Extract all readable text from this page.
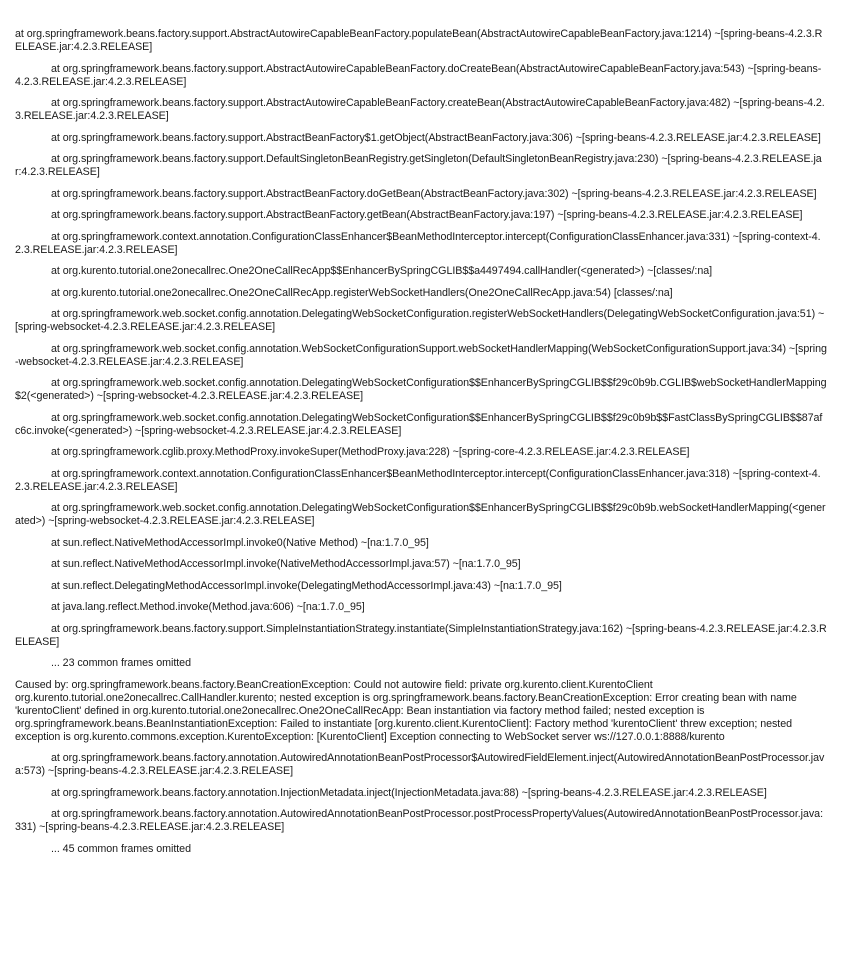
at org.springframework.beans.factory.support.AbstractAutowireCapableBeanFactory.populateBean(AbstractAutowireCapableBeanFactory.java:1214) ~[spring-beans-4.2.3.RELEASE.jar:4.2.3.RELEASE]

at org.springframework.beans.factory.support.AbstractAutowireCapableBeanFactory.doCreateBean(AbstractAutowireCapableBeanFactory.java:543) ~[spring-beans-4.2.3.RELEASE.jar:4.2.3.RELEASE]

at org.springframework.beans.factory.support.AbstractAutowireCapableBeanFactory.createBean(AbstractAutowireCapableBeanFactory.java:482) ~[spring-beans-4.2.3.RELEASE.jar:4.2.3.RELEASE]

at org.springframework.beans.factory.support.AbstractBeanFactory$1.getObject(AbstractBeanFactory.java:306) ~[spring-beans-4.2.3.RELEASE.jar:4.2.3.RELEASE]

at org.springframework.beans.factory.support.DefaultSingletonBeanRegistry.getSingleton(DefaultSingletonBeanRegistry.java:230) ~[spring-beans-4.2.3.RELEASE.jar:4.2.3.RELEASE]

at org.springframework.beans.factory.support.AbstractBeanFactory.doGetBean(AbstractBeanFactory.java:302) ~[spring-beans-4.2.3.RELEASE.jar:4.2.3.RELEASE]

at org.springframework.beans.factory.support.AbstractBeanFactory.getBean(AbstractBeanFactory.java:197) ~[spring-beans-4.2.3.RELEASE.jar:4.2.3.RELEASE]

at org.springframework.context.annotation.ConfigurationClassEnhancer$BeanMethodInterceptor.intercept(ConfigurationClassEnhancer.java:331) ~[spring-context-4.2.3.RELEASE.jar:4.2.3.RELEASE]

at org.kurento.tutorial.one2onecallrec.One2OneCallRecApp$$EnhancerBySpringCGLIB$$a4497494.callHandler(<generated>) ~[classes/:na]

at org.kurento.tutorial.one2onecallrec.One2OneCallRecApp.registerWebSocketHandlers(One2OneCallRecApp.java:54) [classes/:na]

at org.springframework.web.socket.config.annotation.DelegatingWebSocketConfiguration.registerWebSocketHandlers(DelegatingWebSocketConfiguration.java:51) ~[spring-websocket-4.2.3.RELEASE.jar:4.2.3.RELEASE]

at org.springframework.web.socket.config.annotation.WebSocketConfigurationSupport.webSocketHandlerMapping(WebSocketConfigurationSupport.java:34) ~[spring-websocket-4.2.3.RELEASE.jar:4.2.3.RELEASE]

at org.springframework.web.socket.config.annotation.DelegatingWebSocketConfiguration$$EnhancerBySpringCGLIB$$f29c0b9b.CGLIB$webSocketHandlerMapping$2(<generated>) ~[spring-websocket-4.2.3.RELEASE.jar:4.2.3.RELEASE]

at org.springframework.web.socket.config.annotation.DelegatingWebSocketConfiguration$$EnhancerBySpringCGLIB$$f29c0b9b$$FastClassBySpringCGLIB$$87afc6c.invoke(<generated>) ~[spring-websocket-4.2.3.RELEASE.jar:4.2.3.RELEASE]

at org.springframework.cglib.proxy.MethodProxy.invokeSuper(MethodProxy.java:228) ~[spring-core-4.2.3.RELEASE.jar:4.2.3.RELEASE]

at org.springframework.context.annotation.ConfigurationClassEnhancer$BeanMethodInterceptor.intercept(ConfigurationClassEnhancer.java:318) ~[spring-context-4.2.3.RELEASE.jar:4.2.3.RELEASE]

at org.springframework.web.socket.config.annotation.DelegatingWebSocketConfiguration$$EnhancerBySpringCGLIB$$f29c0b9b.webSocketHandlerMapping(<generated>) ~[spring-websocket-4.2.3.RELEASE.jar:4.2.3.RELEASE]

at sun.reflect.NativeMethodAccessorImpl.invoke0(Native Method) ~[na:1.7.0_95]

at sun.reflect.NativeMethodAccessorImpl.invoke(NativeMethodAccessorImpl.java:57) ~[na:1.7.0_95]

at sun.reflect.DelegatingMethodAccessorImpl.invoke(DelegatingMethodAccessorImpl.java:43) ~[na:1.7.0_95]

at java.lang.reflect.Method.invoke(Method.java:606) ~[na:1.7.0_95]

at org.springframework.beans.factory.support.SimpleInstantiationStrategy.instantiate(SimpleInstantiationStrategy.java:162) ~[spring-beans-4.2.3.RELEASE.jar:4.2.3.RELEASE]

... 23 common frames omitted

Caused by: org.springframework.beans.factory.BeanCreationException: Could not autowire field: private org.kurento.client.KurentoClient org.kurento.tutorial.one2onecallrec.CallHandler.kurento; nested exception is org.springframework.beans.factory.BeanCreationException: Error creating bean with name 'kurentoClient' defined in org.kurento.tutorial.one2onecallrec.One2OneCallRecApp: Bean instantiation via factory method failed; nested exception is org.springframework.beans.BeanInstantiationException: Failed to instantiate [org.kurento.client.KurentoClient]: Factory method 'kurentoClient' threw exception; nested exception is org.kurento.commons.exception.KurentoException: [KurentoClient] Exception connecting to WebSocket server ws://127.0.0.1:8888/kurento

at org.springframework.beans.factory.annotation.AutowiredAnnotationBeanPostProcessor$AutowiredFieldElement.inject(AutowiredAnnotationBeanPostProcessor.java:573) ~[spring-beans-4.2.3.RELEASE.jar:4.2.3.RELEASE]

at org.springframework.beans.factory.annotation.InjectionMetadata.inject(InjectionMetadata.java:88) ~[spring-beans-4.2.3.RELEASE.jar:4.2.3.RELEASE]

at org.springframework.beans.factory.annotation.AutowiredAnnotationBeanPostProcessor.postProcessPropertyValues(AutowiredAnnotationBeanPostProcessor.java:331) ~[spring-beans-4.2.3.RELEASE.jar:4.2.3.RELEASE]

... 45 common frames omitted
